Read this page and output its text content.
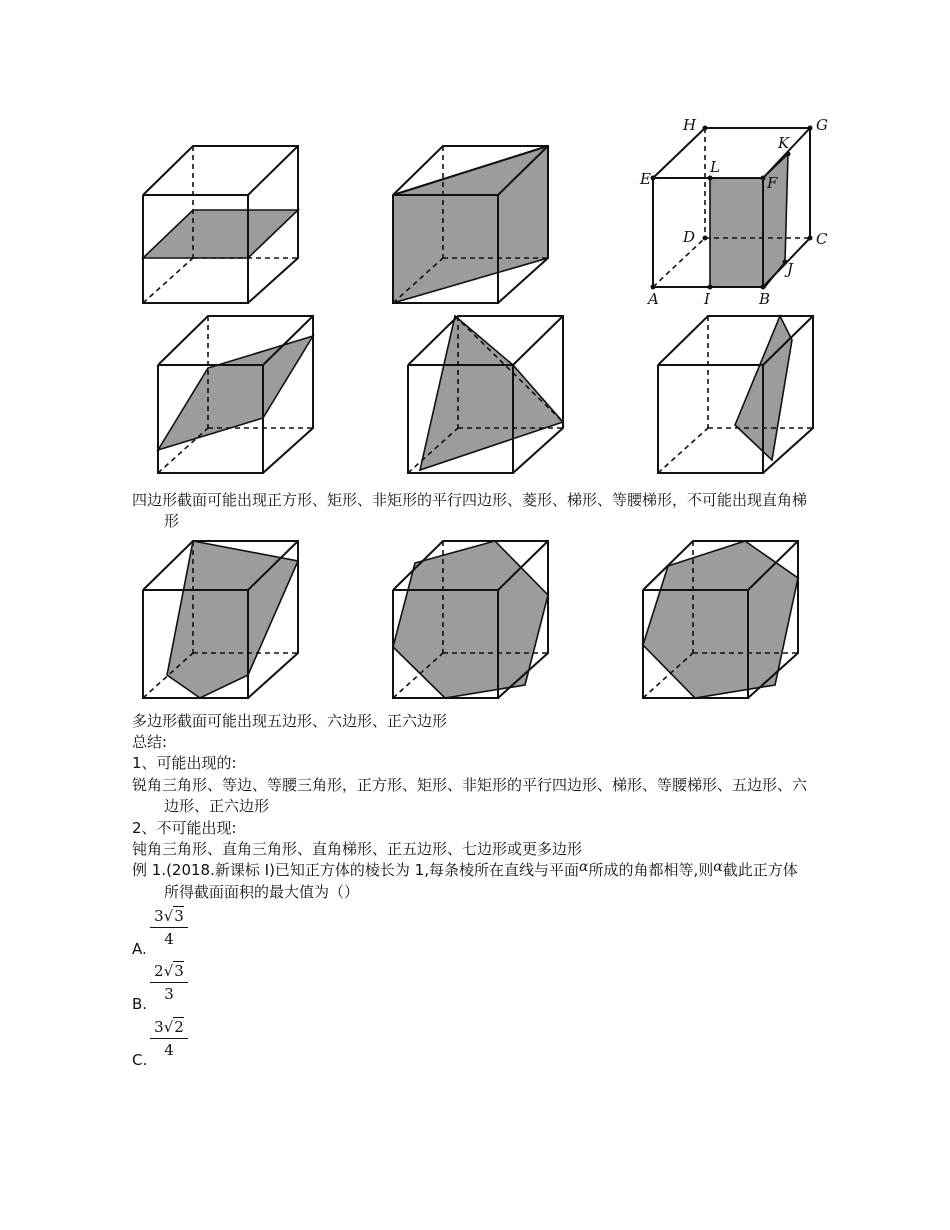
H	G
K
E
L
F
D	C
J
A	I	B

四边形截面可能出现正方形、矩形、非矩形的平行四边形、菱形、梯形、等腰梯形，不可能出现直角梯形

多边形截面可能出现五边形、六边形、正六边形

总结:

1、可能出现的:

锐角三角形、等边、等腰三角形，正方形、矩形、非矩形的平行四边形、梯形、等腰梯形、五边形、六边形、正六边形

2、不可能出现:

钝角三角形、直角三角形、直角梯形、正五边形、七边形或更多边形

例 1.(2018.新课标 I)已知正方体的棱长为 1,每条棱所在直线与平面α所成的角都相等,则α截此正方体所得截面面积的最大值为（）

$\frac{3√3}{4}$
A.
$\frac{2√3}{3}$
B.
$\frac{3√2}{4}$
C.
